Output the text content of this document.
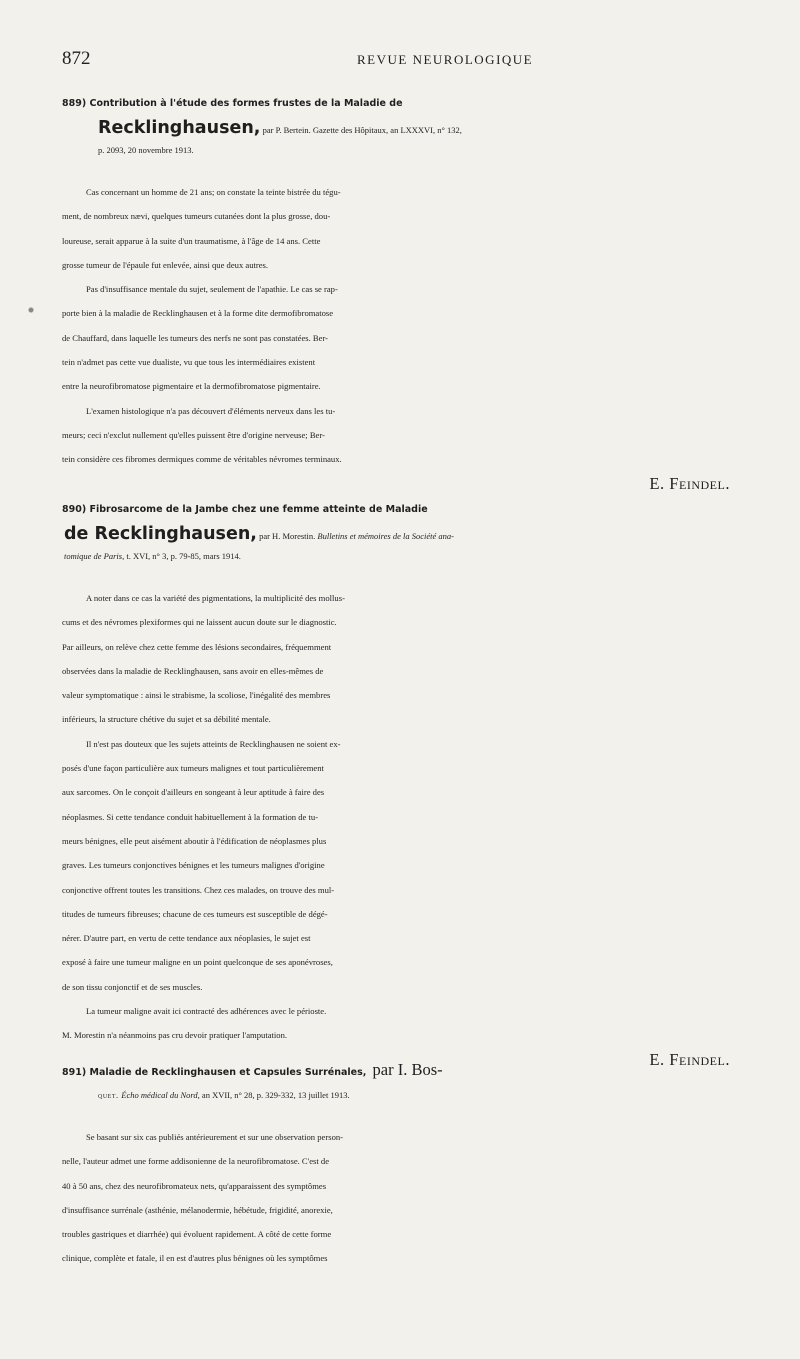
872	REVUE NEUROLOGIQUE
889) Contribution à l'étude des formes frustes de la Maladie de
Recklinghausen, par P. Bertein. Gazette des Hôpitaux, an LXXXVI, n° 132,
p. 2093, 20 novembre 1913.
Cas concernant un homme de 21 ans; on constate la teinte bistrée du tégu-
ment, de nombreux nævi, quelques tumeurs cutanées dont la plus grosse, dou-
loureuse, serait apparue à la suite d'un traumatisme, à l'âge de 14 ans. Cette
grosse tumeur de l'épaule fut enlevée, ainsi que deux autres.
Pas d'insuffisance mentale du sujet, seulement de l'apathie. Le cas se rap-
porte bien à la maladie de Recklinghausen et à la forme dite dermofibromatose
de Chauffard, dans laquelle les tumeurs des nerfs ne sont pas constatées. Ber-
tein n'admet pas cette vue dualiste, vu que tous les intermédiaires existent
entre la neurofibromatose pigmentaire et la dermofibromatose pigmentaire.
L'examen histologique n'a pas découvert d'éléments nerveux dans les tu-
meurs; ceci n'exclut nullement qu'elles puissent être d'origine nerveuse; Ber-
tein considère ces fibromes dermiques comme de véritables névromes terminaux.
E. Feindel.
890) Fibrosarcome de la Jambe chez une femme atteinte de Maladie
de Recklinghausen, par H. Morestin. Bulletins et mémoires de la Société ana-
tomique de Paris, t. XVI, n° 3, p. 79-85, mars 1914.
A noter dans ce cas la variété des pigmentations, la multiplicité des mollus-
cums et des névromes plexiformes qui ne laissent aucun doute sur le diagnostic.
Par ailleurs, on relève chez cette femme des lésions secondaires, fréquemment
observées dans la maladie de Recklinghausen, sans avoir en elles-mêmes de
valeur symptomatique : ainsi le strabisme, la scoliose, l'inégalité des membres
inférieurs, la structure chétive du sujet et sa débilité mentale.
Il n'est pas douteux que les sujets atteints de Recklinghausen ne soient ex-
posés d'une façon particulière aux tumeurs malignes et tout particulièrement
aux sarcomes. On le conçoit d'ailleurs en songeant à leur aptitude à faire des
néoplasmes. Si cette tendance conduit habituellement à la formation de tu-
meurs bénignes, elle peut aisément aboutir à l'édification de néoplasmes plus
graves. Les tumeurs conjonctives bénignes et les tumeurs malignes d'origine
conjonctive offrent toutes les transitions. Chez ces malades, on trouve des mul-
titudes de tumeurs fibreuses; chacune de ces tumeurs est susceptible de dégé-
nérer. D'autre part, en vertu de cette tendance aux néoplasies, le sujet est
exposé à faire une tumeur maligne en un point quelconque de ses aponévroses,
de son tissu conjonctif et de ses muscles.
La tumeur maligne avait ici contracté des adhérences avec le périoste.
M. Morestin n'a néanmoins pas cru devoir pratiquer l'amputation.
E. Feindel.
891) Maladie de Recklinghausen et Capsules Surrénales, par I. Bos-
quet. Écho médical du Nord, an XVII, n° 28, p. 329-332, 13 juillet 1913.
Se basant sur six cas publiés antérieurement et sur une observation person-
nelle, l'auteur admet une forme addisonienne de la neurofibromatose. C'est de
40 à 50 ans, chez des neurofibromateux nets, qu'apparaissent des symptômes
d'insuffisance surrénale (asthénie, mélanodermie, hébétude, frigidité, anorexie,
troubles gastriques et diarrhée) qui évoluent rapidement. A côté de cette forme
clinique, complète et fatale, il en est d'autres plus bénignes où les symptômes
